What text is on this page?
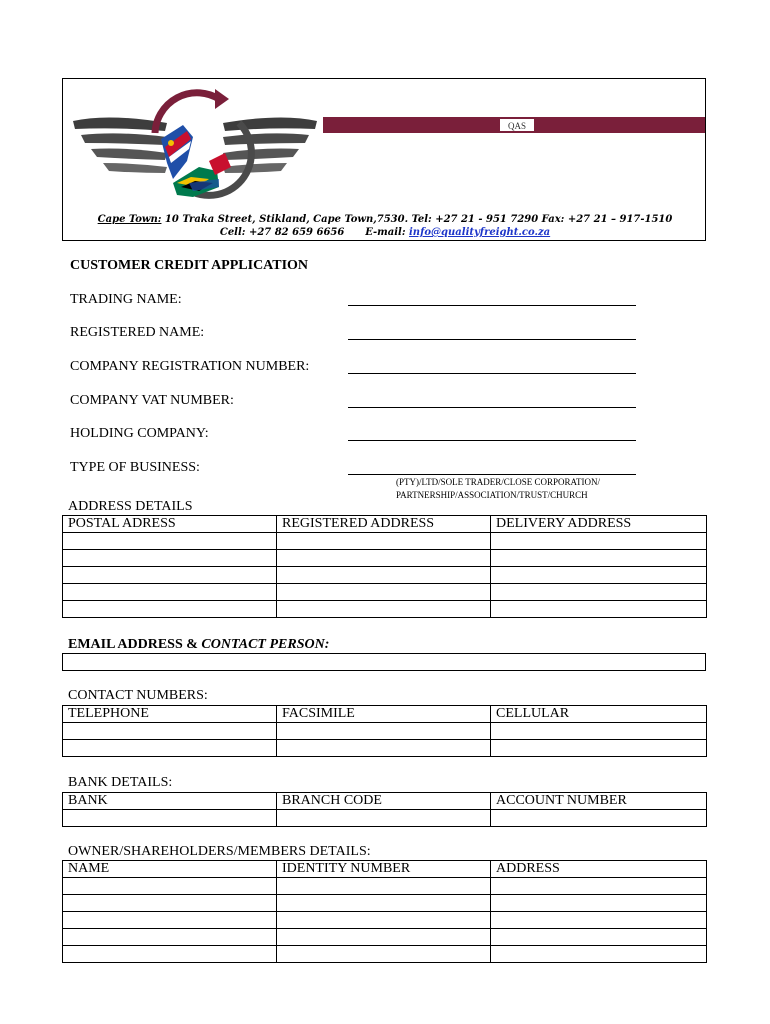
QAS
Cape Town: 10 Traka Street, Stikland, Cape Town,7530. Tel: +27 21 - 951 7290 Fax: +27 21 – 917-1510
Cell: +27 82 659 6656 E-mail: info@qualityfreight.co.za
CUSTOMER CREDIT APPLICATION
TRADING NAME:
REGISTERED NAME:
COMPANY REGISTRATION NUMBER:
COMPANY VAT NUMBER:
HOLDING COMPANY:
TYPE OF BUSINESS:
(PTY)/LTD/SOLE TRADER/CLOSE CORPORATION/
PARTNERSHIP/ASSOCIATION/TRUST/CHURCH
ADDRESS DETAILS
POSTAL ADRESS	REGISTERED ADDRESS	DELIVERY ADDRESS

EMAIL ADDRESS & CONTACT PERSON:
CONTACT NUMBERS:
TELEPHONE	FACSIMILE	CELLULAR

BANK DETAILS:
BANK	BRANCH CODE	ACCOUNT NUMBER

OWNER/SHAREHOLDERS/MEMBERS DETAILS:
NAME	IDENTITY NUMBER	ADDRESS
